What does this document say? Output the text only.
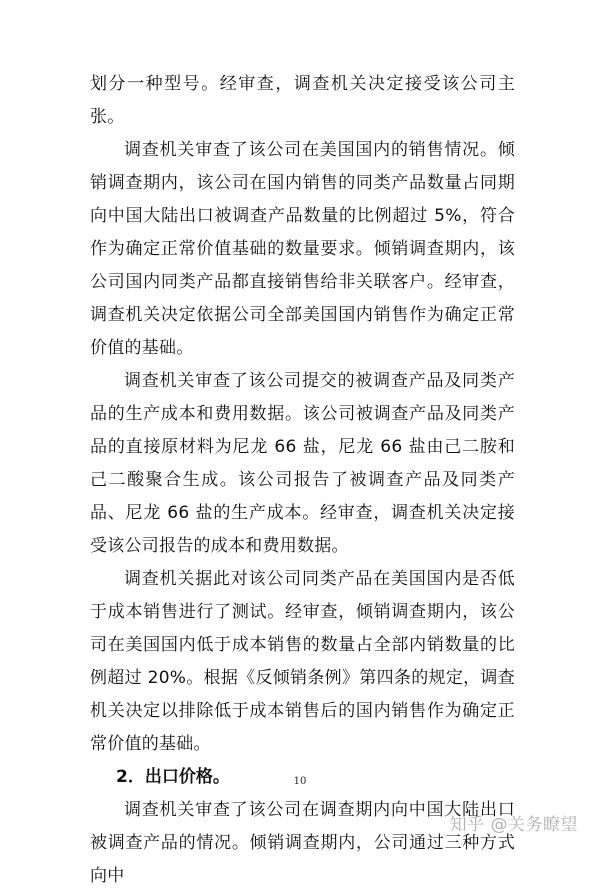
划分一种型号。经审查，调查机关决定接受该公司主张。

调查机关审查了该公司在美国国内的销售情况。倾销调查期内，该公司在国内销售的同类产品数量占同期向中国大陆出口被调查产品数量的比例超过 5%，符合作为确定正常价值基础的数量要求。倾销调查期内，该公司国内同类产品都直接销售给非关联客户。经审查，调查机关决定依据公司全部美国国内销售作为确定正常价值的基础。

调查机关审查了该公司提交的被调查产品及同类产品的生产成本和费用数据。该公司被调查产品及同类产品的直接原材料为尼龙 66 盐，尼龙 66 盐由己二胺和己二酸聚合生成。该公司报告了被调查产品及同类产品、尼龙 66 盐的生产成本。经审查，调查机关决定接受该公司报告的成本和费用数据。

调查机关据此对该公司同类产品在美国国内是否低于成本销售进行了测试。经审查，倾销调查期内，该公司在美国国内低于成本销售的数量占全部内销数量的比例超过 20%。根据《反倾销条例》第四条的规定，调查机关决定以排除低于成本销售后的国内销售作为确定正常价值的基础。

2．出口价格。

调查机关审查了该公司在调查期内向中国大陆出口被调查产品的情况。倾销调查期内，公司通过三种方式向中

10
知乎 @关务瞭望
